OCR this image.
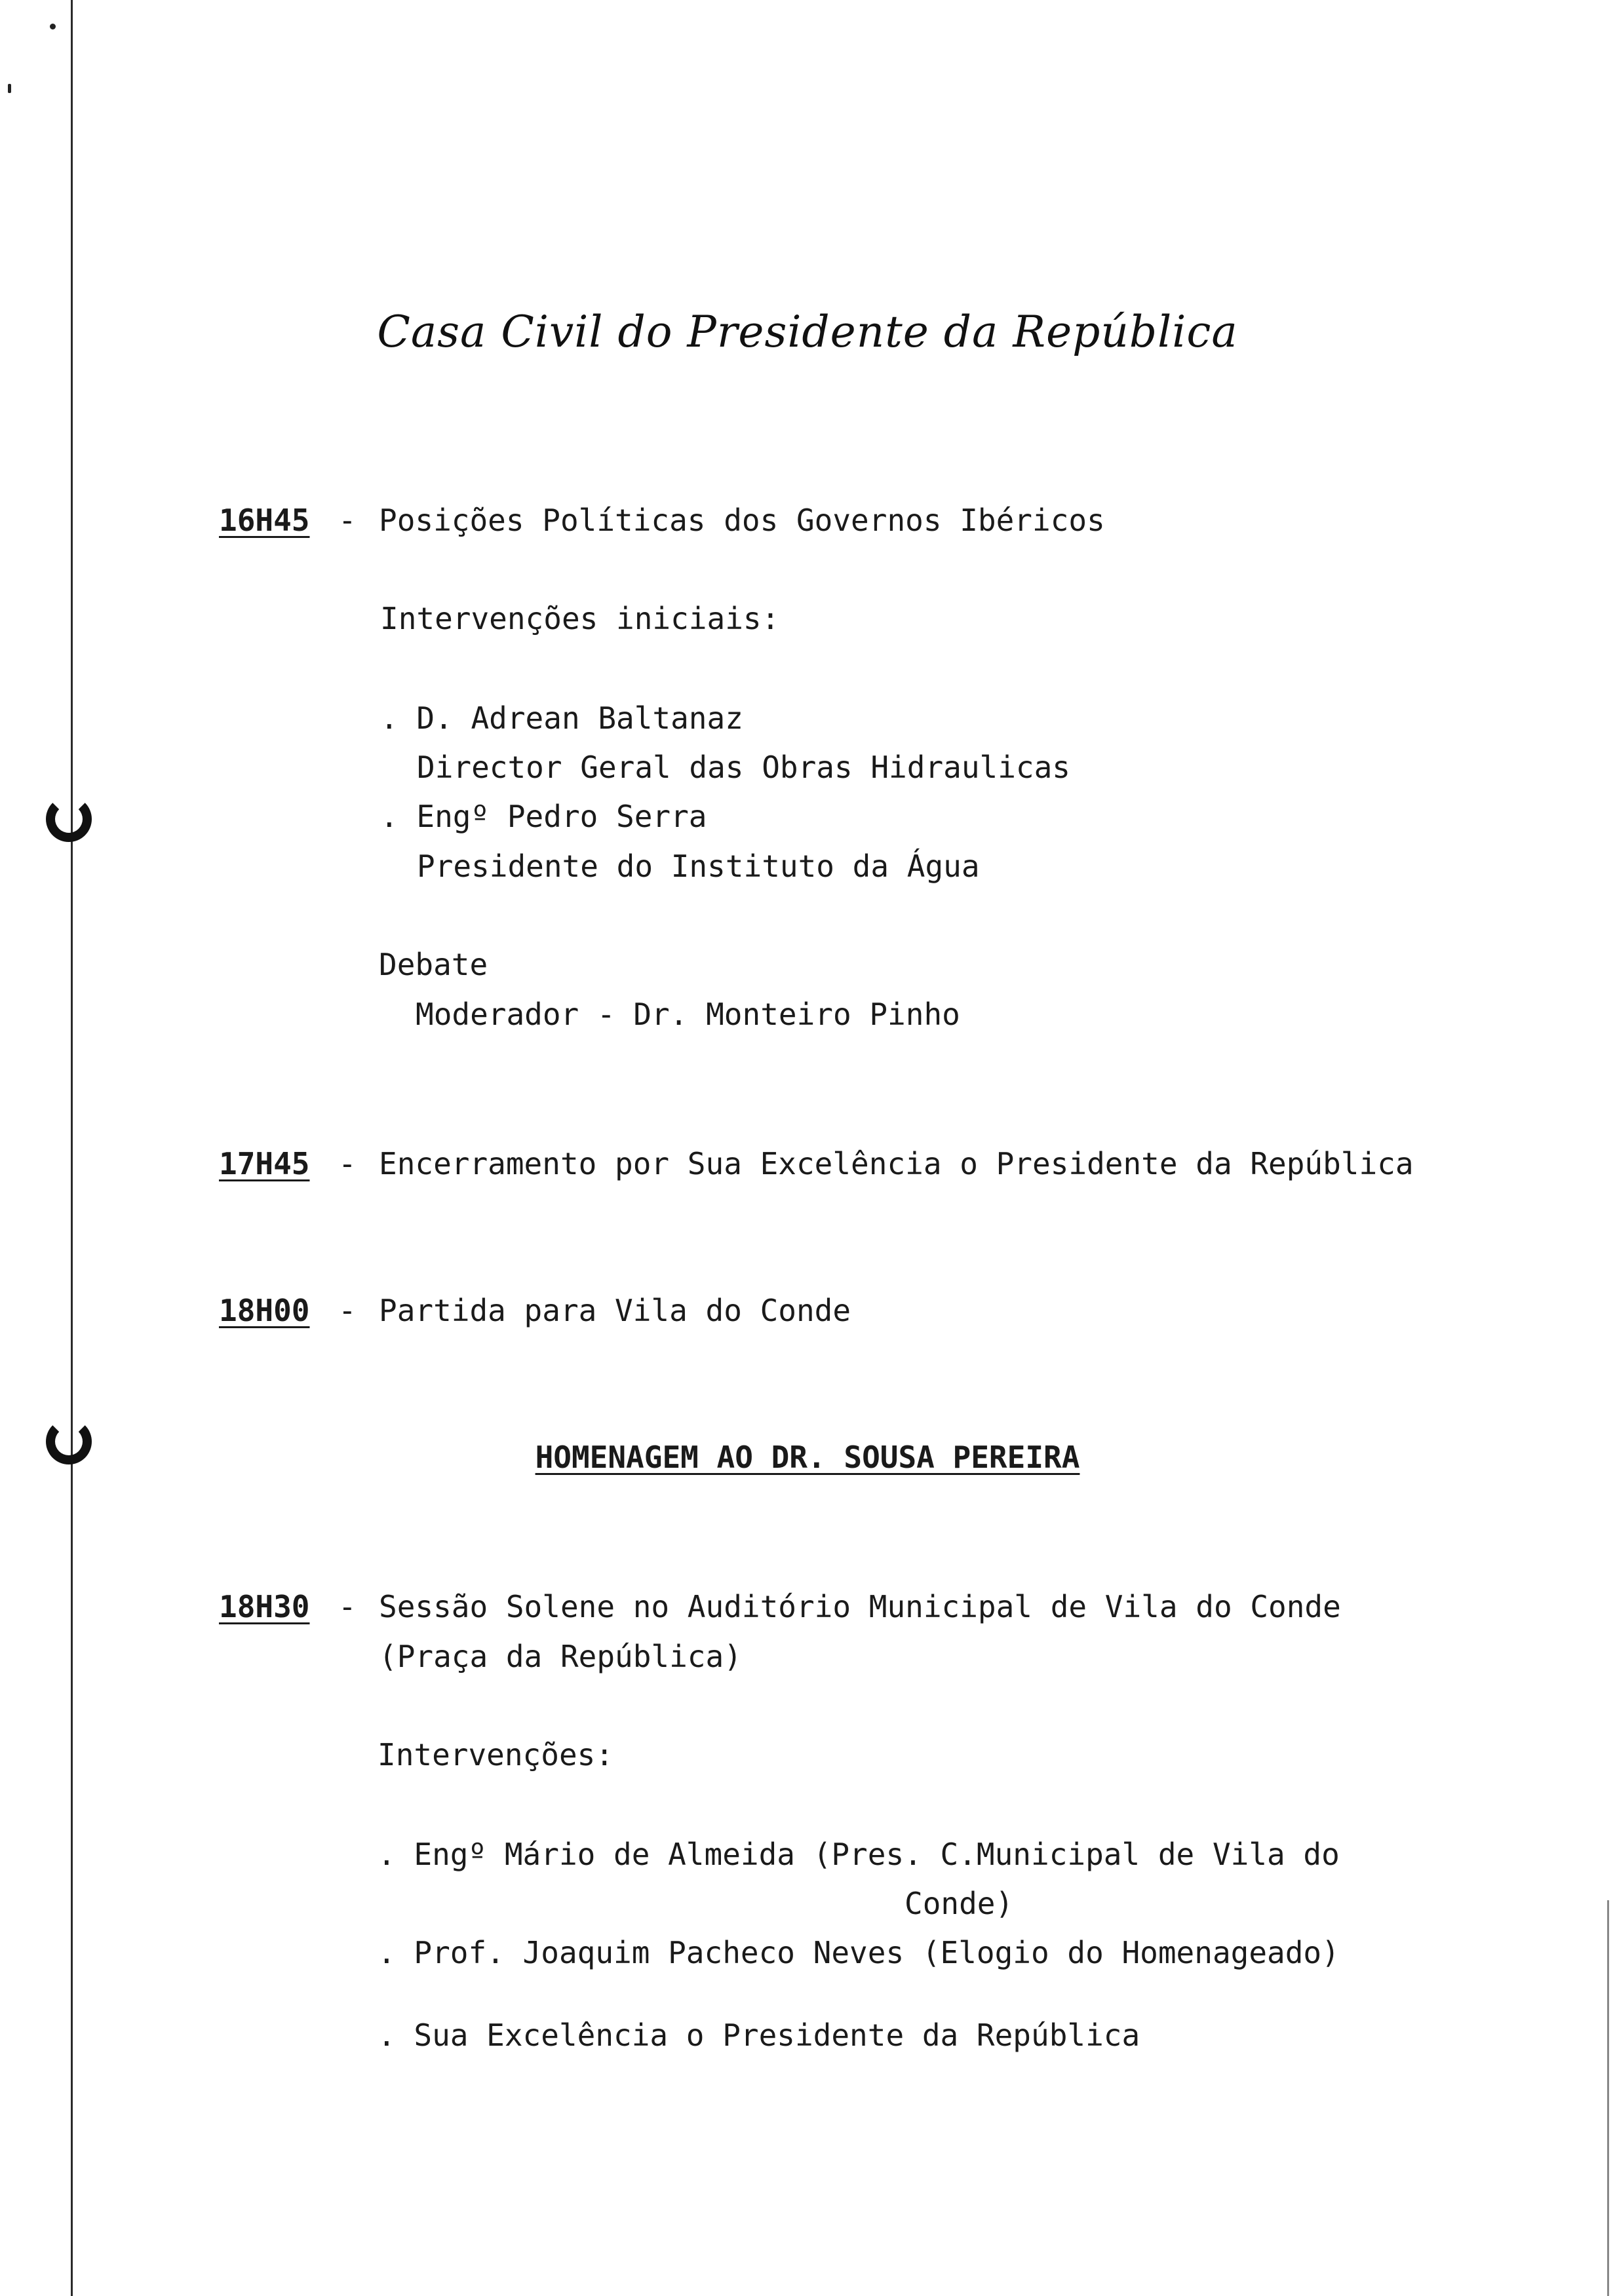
Casa Civil do Presidente da República
16H45 - Posições Políticas dos Governos Ibéricos
Intervenções iniciais:
. D. Adrean Baltanaz
Director Geral das Obras Hidraulicas
. Engº Pedro Serra
Presidente do Instituto da Água
Debate
Moderador - Dr. Monteiro Pinho
17H45 - Encerramento por Sua Excelência o Presidente da República
18H00 - Partida para Vila do Conde
HOMENAGEM AO DR. SOUSA PEREIRA
18H30 - Sessão Solene no Auditório Municipal de Vila do Conde
(Praça da República)
Intervenções:
. Engº Mário de Almeida (Pres. C.Municipal de Vila do
Conde)
. Prof. Joaquim Pacheco Neves (Elogio do Homenageado)
. Sua Excelência o Presidente da República
